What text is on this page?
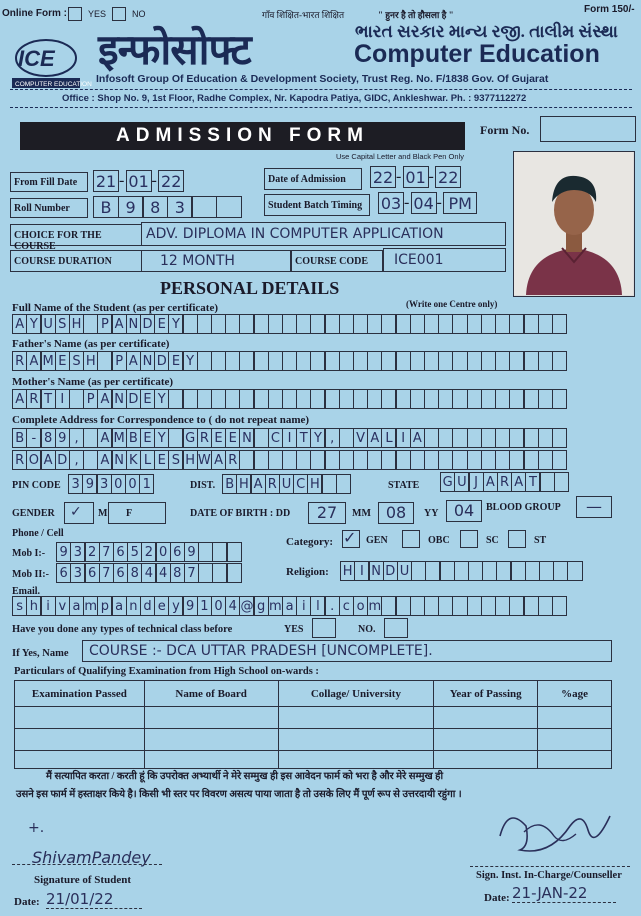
Online Form : YES	NO	गाँव शिक्षित-भारत शिक्षित	" हुनर है तो हौसला है "	Form 150/-
ICE
COMPUTER EDUCATION
इन्फोसोफ्ट	ભારત સરકાર માન્ય રજી. તાલીમ સંસ્થા
Computer Education
Infosoft Group Of Education & Development Society, Trust Reg. No. F/1838 Gov. Of Gujarat
Office : Shop No. 9, 1st Floor, Radhe Complex, Nr. Kapodra Patiya, GIDC, Ankleshwar. Ph. : 9377112272
ADMISSION FORM	Form No.
Use Capital Letter and Black Pen Only
From Fill Date	21 - 01 - 22	Date of Admission	22 - 01 - 22
Roll Number	B 9 8 3	Student Batch Timing	03 - 04 - PM
CHOICE FOR THE COURSE
ADV. DIPLOMA IN COMPUTER APPLICATION
COURSE DURATION	12 MONTH	COURSE CODE	ICE001
PERSONAL DETAILS
(Write one Centre only)
Full Name of the Student (as per certificate)
A Y U S H P A N D E Y
Father's Name (as per certificate)
R A M E S H P A N D E Y
Mother's Name (as per certificate)
A R T I	P A N D E Y
Complete Address for Correspondence to ( do not repeat name)
B - 8 9 ,	A M B E Y G R E E N C I T Y ,	V A L I A
R O A D ,	A N K L E S H W A R
PIN CODE 3 9 3 0 0 1	DIST. B H A R U C H	STATE G U J A R A T
GENDER ✓ M F	DATE OF BIRTH : DD	27	MM 08	YY 04	BLOOD GROUP	—
Phone / Cell
Mob I:- 9 3 2 7 6 5 2 0 6 9
Mob II:- 6 3 6 7 6 8 4 4 8 7
Category: ✓ GEN	OBC	SC	ST
Religion: H I N D U
Email.
s h i v a m p a n d e y 9 1 0 4 @ g m a i l . c o m
Have you done any types of technical class before	YES	NO.
If Yes, Name	COURSE :- DCA UTTAR PRADESH [UNCOMPLETE].
Particulars of Qualifying Examination from High School on-wards :
Examination Passed	Name of Board	Collage/ University	Year of Passing	%age

मैं सत्यापित करता / करती हूं कि उपरोक्त अभ्यार्थी ने मेरे सम्मुख ही इस आवेदन फार्म को भरा है और मेरे सम्मुख ही
उसने इस फार्म में हस्ताक्षर किये है। किसी भी स्तर पर विवरण असत्य पाया जाता है तो उसके लिए मैं पूर्ण रूप से उत्तरदायी रहुंगा ।
+.
ShivamPandey
Signature of Student
Date: 21/01/22
Sign. Inst. In-Charge/Counseller
Date: 21-JAN-22
